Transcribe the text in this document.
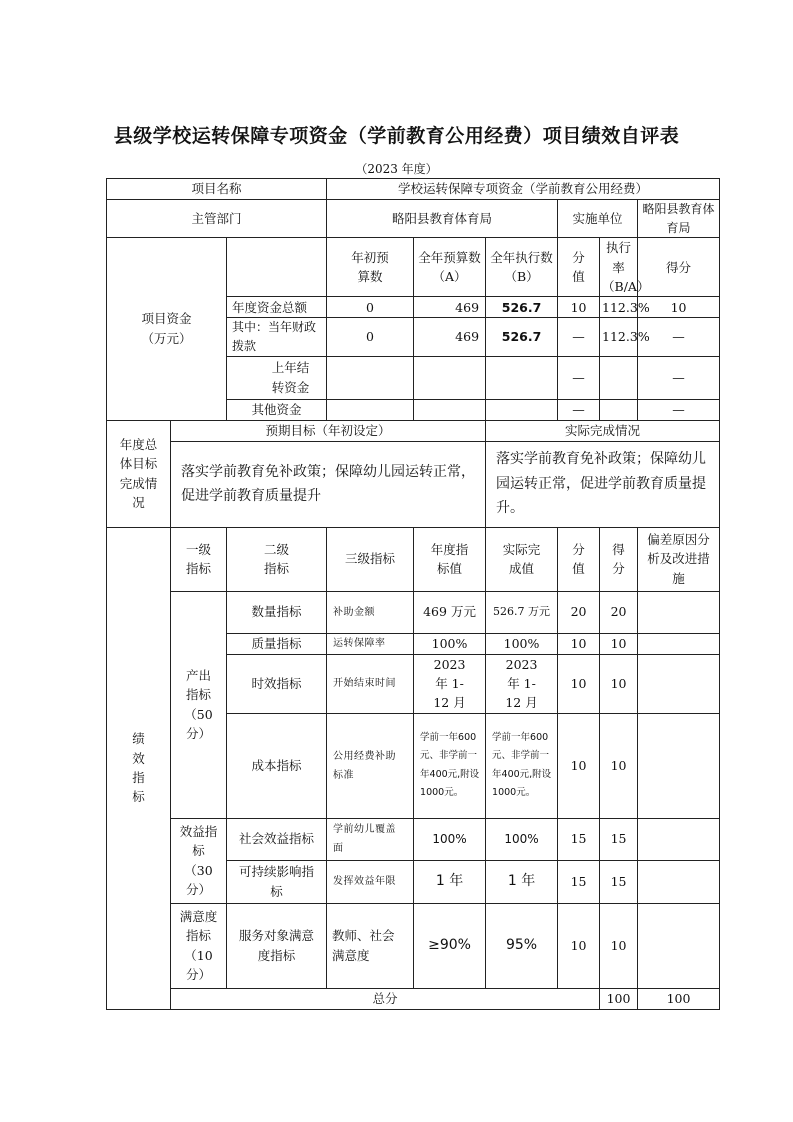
县级学校运转保障专项资金（学前教育公用经费）项目绩效自评表
（2023 年度）
项目名称			学校运转保障专项资金（学前教育公用经费）						
主管部门			略阳县教育体育局			实施单位		略阳县教育体育局	
项目资金（万元）			年初预算数	全年预算数（A）	全年执行数（B）	分值	执行率（B/A）	得分	
		年度资金总额	0	469	526.7	10	112.3%	10	
		其中：当年财政拨款	0	469	526.7	—	112.3%	—	
		上年结转资金				—		—	
		其他资金				—		—	
年度总体目标完成情况	预期目标（年初设定）				实际完成情况				
	落实学前教育免补政策；保障幼儿园运转正常，促进学前教育质量提升				落实学前教育免补政策；保障幼儿园运转正常，促进学前教育质量提升。				
绩效指标	一级指标	二级指标	三级指标	年度指标值	实际完成值	分值	得分	偏差原因分析及改进措施	
	产出指标（50分）	数量指标	补助金额	469 万元	526.7 万元	20	20		
		质量指标	运转保障率	100%	100%	10	10		
		时效指标	开始结束时间	2023 年 1-12 月	2023 年 1-12 月	10	10		
		成本指标	公用经费补助标准	学前一年600元、非学前一年400元,附设1000元。	学前一年600元、非学前一年400元,附设1000元。	10	10		
	效益指标（30分）	社会效益指标	学前幼儿覆盖面	100%	100%	15	15		
		可持续影响指标	发挥效益年限	1 年	1 年	15	15		
	满意度指标（10分）	服务对象满意度指标	教师、社会满意度	≥90%	95%	10	10		
	总分						100	100	
